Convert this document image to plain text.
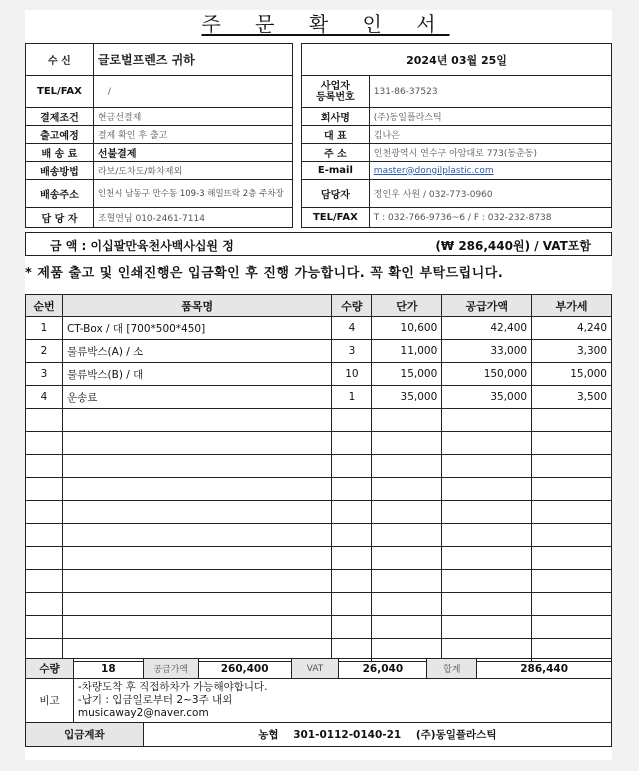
주 문 확 인 서
수 신	글로벌프렌즈 귀하
TEL/FAX	/
결제조건	현금선결제
출고예정	결제 확인 후 출고
배 송 료	선불결제
배송방법	라보/도차도/화차제외
배송주소	인천시 남동구 만수동 109-3 해밀뜨락 2층 주차장
담 당 자	조혈연님 010-2461-7114
2024년 03월 25일	
사업자
등록번호	131-86-37523
회사명	(주)동일플라스틱
대 표	김나은
주 소	인천광역시 연수구 아암대로 773(동춘동)
E-mail	master@dongilplastic.com
담당자	정인우 사원 / 032-773-0960
TEL/FAX	T : 032-766-9736~6 / F : 032-232-8738
금 액 : 이십팔만육천사백사십원 정	(₩ 286,440원) / VAT포함
* 제품 출고 및 인쇄진행은 입금확인 후 진행 가능합니다. 꼭 확인 부탁드립니다.
순번	품목명	수량	단가	공급가액	부가세
1	CT-Box / 대 [700*500*450]	4	10,600	42,400	4,240
2	물류박스(A) / 소	3	11,000	33,000	3,300
3	물류박스(B) / 대	10	15,000	150,000	15,000
4	운송료	1	35,000	35,000	3,500

수량	18	공급가액	260,400	VAT	26,040	합계	286,440
비고	-차량도착 후 직접하차가 가능해야합니다.
-납기 : 입금일로부터 2~3주 내외
musicaway2@naver.com						

입금계좌		농협    301-0112-0140-21    (주)동일플라스틱					
